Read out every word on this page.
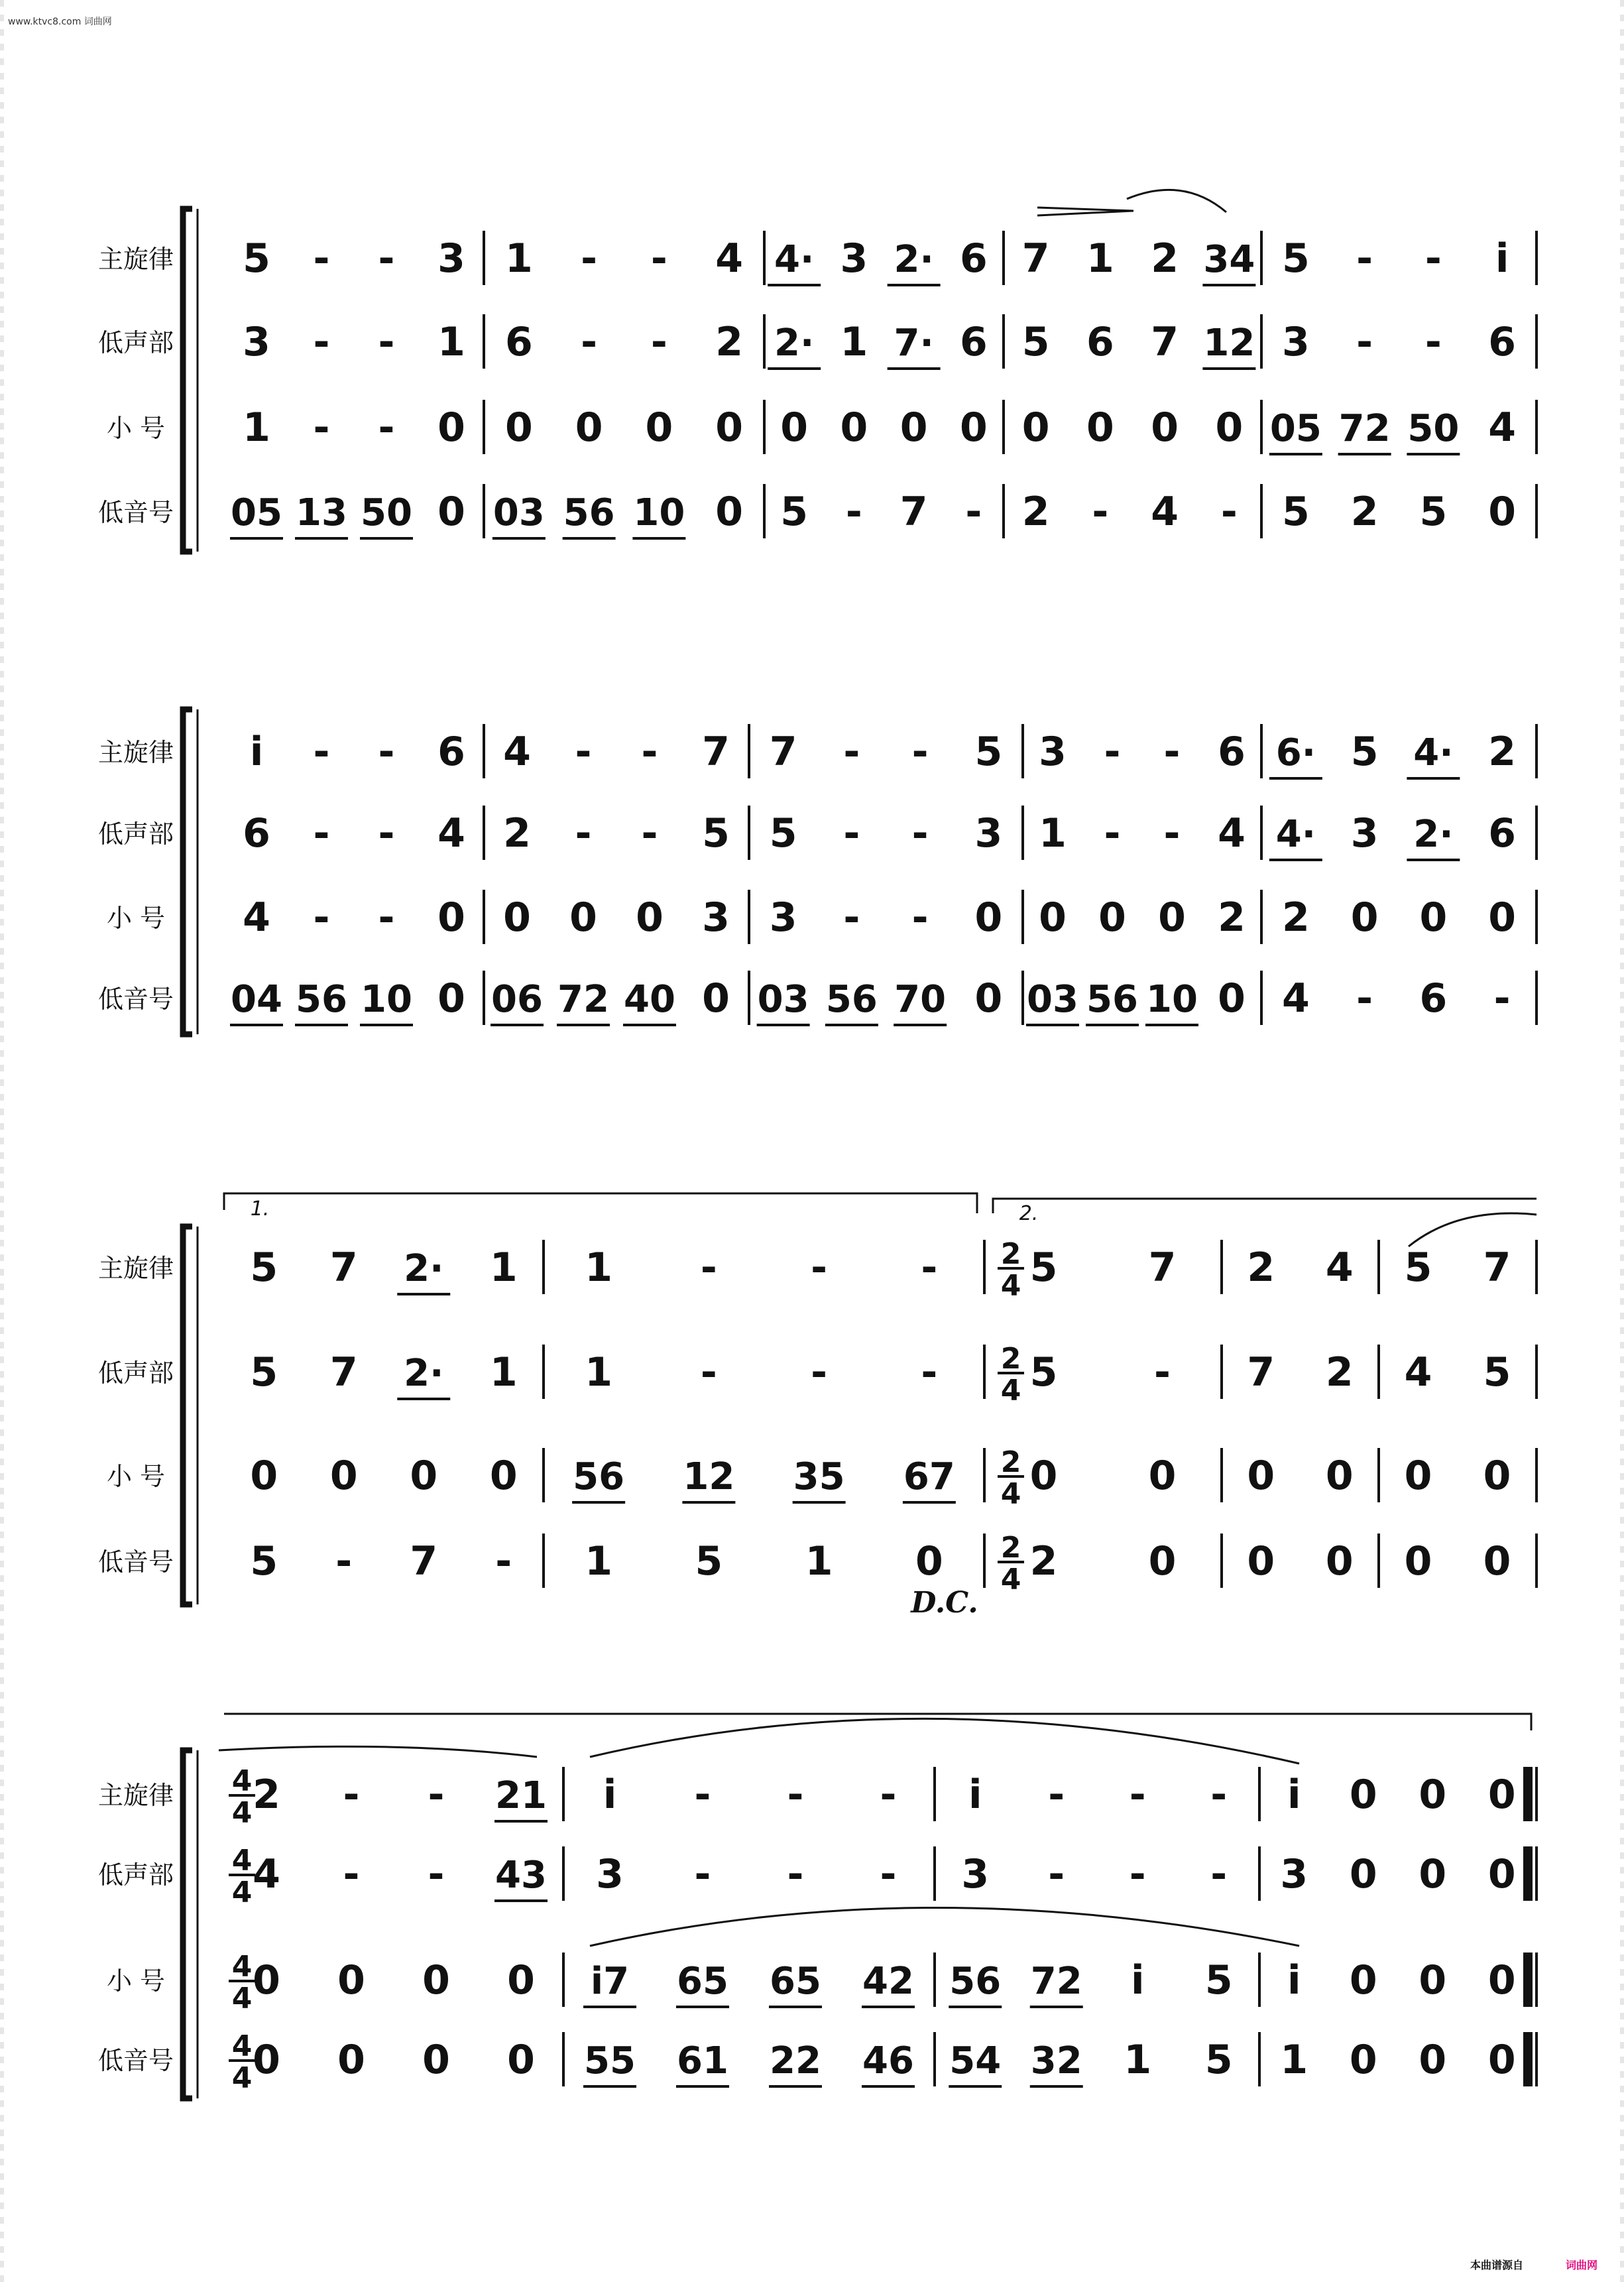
www.ktvc8.com 词曲网
主旋律 5 - - 3 1 - - 4 4· 3 2· 6 7 1 2 34 5 - - i
低声部 3 - - 1 6 - - 2 2· 1 7· 6 5 6 7 12 3 - - 6
小 号 1 - - 0 0 0 0 0 0 0 0 0 0 0 0 0 05 72 50 4
低音号 05 13 50 0 03 56 10 0 5 - 7 - 2 - 4 - 5 2 5 0
主旋律 i - - 6 4 - - 7 7 - - 5 3 - - 6 6· 5 4· 2
低声部 6 - - 4 2 - - 5 5 - - 3 1 - - 4 4· 3 2· 6
小 号 4 - - 0 0 0 0 3 3 - - 0 0 0 0 2 2 0 0 0
低音号 04 56 10 0 06 72 40 0 03 56 70 0 03 56 10 0 4 - 6 -
主旋律 5 7 2· 1 1 - - - 5 7 2 4 5 7
低声部 5 7 2· 1 1 - - - 5 - 7 2 4 5
小 号 0 0 0 0 56 12 35 67 0 0 0 0 0 0
低音号 5 - 7 - 1 5 1 0 2 0 0 0 0 0
主旋律 2 - - 21 i - - - i - - - i 0 0 0
低声部 4 - - 43 3 - - - 3 - - - 3 0 0 0
小 号 0 0 0 0 i7 65 65 42 56 72 i 5 i 0 0 0
低音号 0 0 0 0 55 61 22 46 54 32 1 5 1 0 0 0
1.	2.
D.C.
2
4
2
4
2
4
2
4
4
4
4
4
4
4
4
4
本曲谱源自	词曲网
